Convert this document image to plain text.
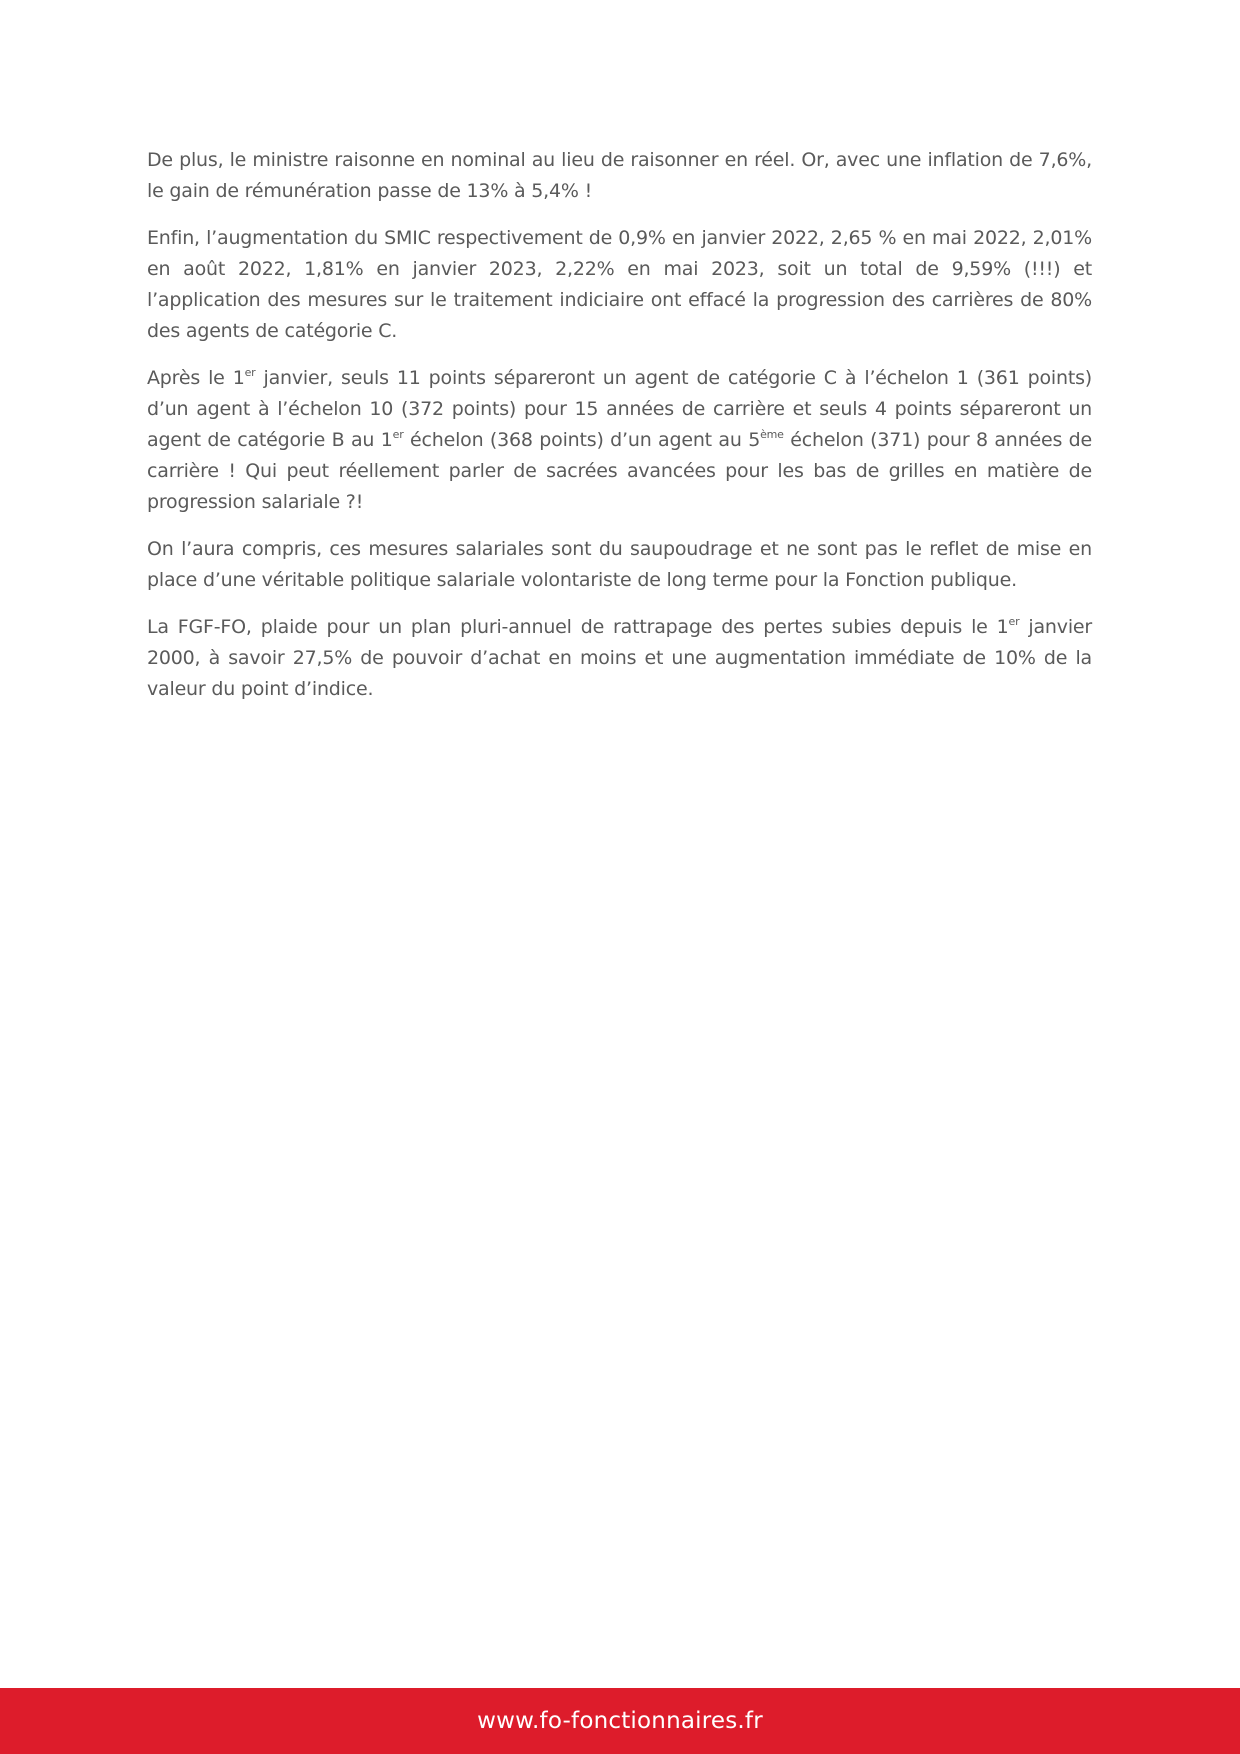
De plus, le ministre raisonne en nominal au lieu de raisonner en réel. Or, avec une inflation de 7,6%, le gain de rémunération passe de 13% à 5,4% !

Enfin, l’augmentation du SMIC respectivement de 0,9% en janvier 2022, 2,65 % en mai 2022, 2,01% en août 2022, 1,81% en janvier 2023, 2,22% en mai 2023, soit un total de 9,59% (!!!) et l’application des mesures sur le traitement indiciaire ont effacé la progression des carrières de 80% des agents de catégorie C.

Après le 1er janvier, seuls 11 points sépareront un agent de catégorie C à l’échelon 1 (361 points) d’un agent à l’échelon 10 (372 points) pour 15 années de carrière et seuls 4 points sépareront un agent de catégorie B au 1er échelon (368 points) d’un agent au 5ème échelon (371) pour 8 années de carrière ! Qui peut réellement parler de sacrées avancées pour les bas de grilles en matière de progression salariale ?!

On l’aura compris, ces mesures salariales sont du saupoudrage et ne sont pas le reflet de mise en place d’une véritable politique salariale volontariste de long terme pour la Fonction publique.

La FGF-FO, plaide pour un plan pluri-annuel de rattrapage des pertes subies depuis le 1er janvier 2000, à savoir 27,5% de pouvoir d’achat en moins et une augmentation immédiate de 10% de la valeur du point d’indice.

www.fo-fonctionnaires.fr
